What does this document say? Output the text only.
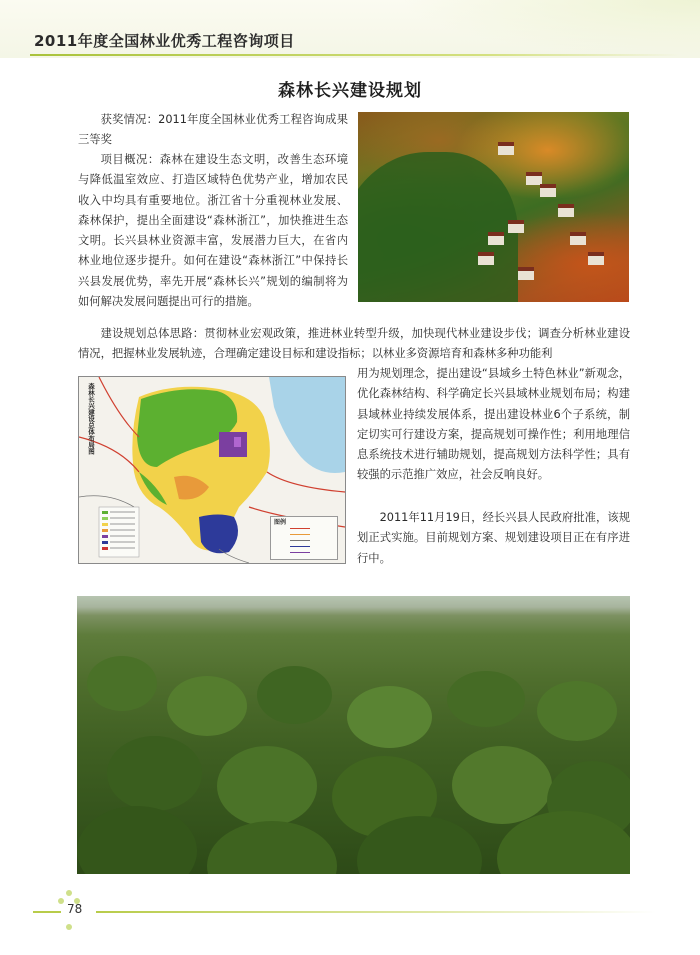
2011年度全国林业优秀工程咨询项目
森林长兴建设规划

获奖情况：2011年度全国林业优秀工程咨询成果三等奖

项目概况：森林在建设生态文明，改善生态环境与降低温室效应、打造区域特色优势产业，增加农民收入中均具有重要地位。浙江省十分重视林业发展、森林保护，提出全面建设“森林浙江”，加快推进生态文明。长兴县林业资源丰富，发展潜力巨大，在省内林业地位逐步提升。如何在建设“森林浙江”中保持长兴县发展优势，率先开展“森林长兴”规划的编制将为如何解决发展问题提出可行的措施。

建设规划总体思路：贯彻林业宏观政策，推进林业转型升级，加快现代林业建设步伐；调查分析林业建设情况，把握林业发展轨迹，合理确定建设目标和建设指标；以林业多资源培育和森林多种功能利

用为规划理念，提出建设“县域乡土特色林业”新观念，优化森林结构、科学确定长兴县域林业规划布局；构建县域林业持续发展体系，提出建设林业6个子系统，制定切实可行建设方案，提高规划可操作性；利用地理信息系统技术进行辅助规划，提高规划方法科学性；具有较强的示范推广效应，社会反响良好。

2011年11月19日，经长兴县人民政府批准，该规划正式实施。目前规划方案、规划建设项目正在有序进行中。

森林长兴建设总体布局图
图例
78
